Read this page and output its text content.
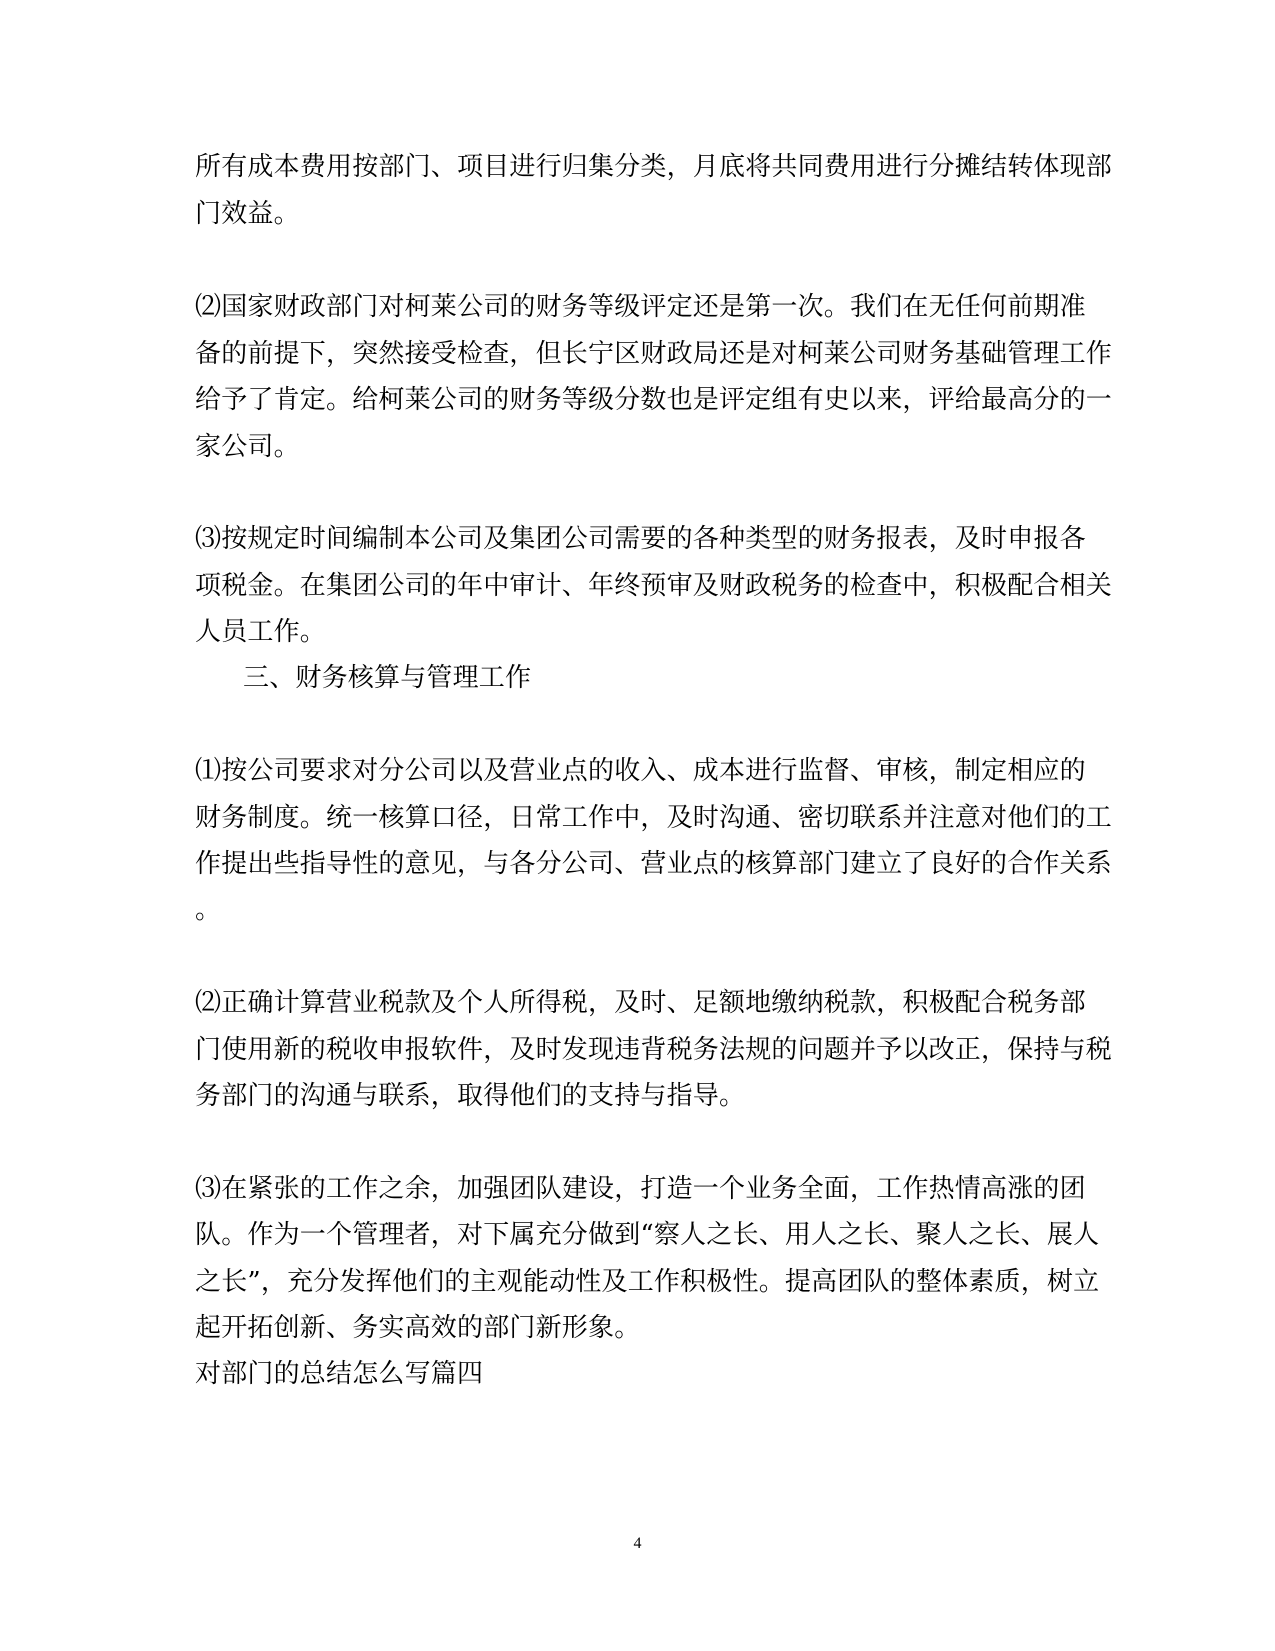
所有成本费用按部门、项目进行归集分类，月底将共同费用进行分摊结转体现部
门效益。
⑵国家财政部门对柯莱公司的财务等级评定还是第一次。我们在无任何前期准
备的前提下，突然接受检查，但长宁区财政局还是对柯莱公司财务基础管理工作
给予了肯定。给柯莱公司的财务等级分数也是评定组有史以来，评给最高分的一
家公司。
⑶按规定时间编制本公司及集团公司需要的各种类型的财务报表，及时申报各
项税金。在集团公司的年中审计、年终预审及财政税务的检查中，积极配合相关
人员工作。
三、财务核算与管理工作
⑴按公司要求对分公司以及营业点的收入、成本进行监督、审核，制定相应的
财务制度。统一核算口径，日常工作中，及时沟通、密切联系并注意对他们的工
作提出些指导性的意见，与各分公司、营业点的核算部门建立了良好的合作关系
。
⑵正确计算营业税款及个人所得税，及时、足额地缴纳税款，积极配合税务部
门使用新的税收申报软件，及时发现违背税务法规的问题并予以改正，保持与税
务部门的沟通与联系，取得他们的支持与指导。
⑶在紧张的工作之余，加强团队建设，打造一个业务全面，工作热情高涨的团
队。作为一个管理者，对下属充分做到“察人之长、用人之长、聚人之长、展人
之长”，充分发挥他们的主观能动性及工作积极性。提高团队的整体素质，树立
起开拓创新、务实高效的部门新形象。
对部门的总结怎么写篇四
4
